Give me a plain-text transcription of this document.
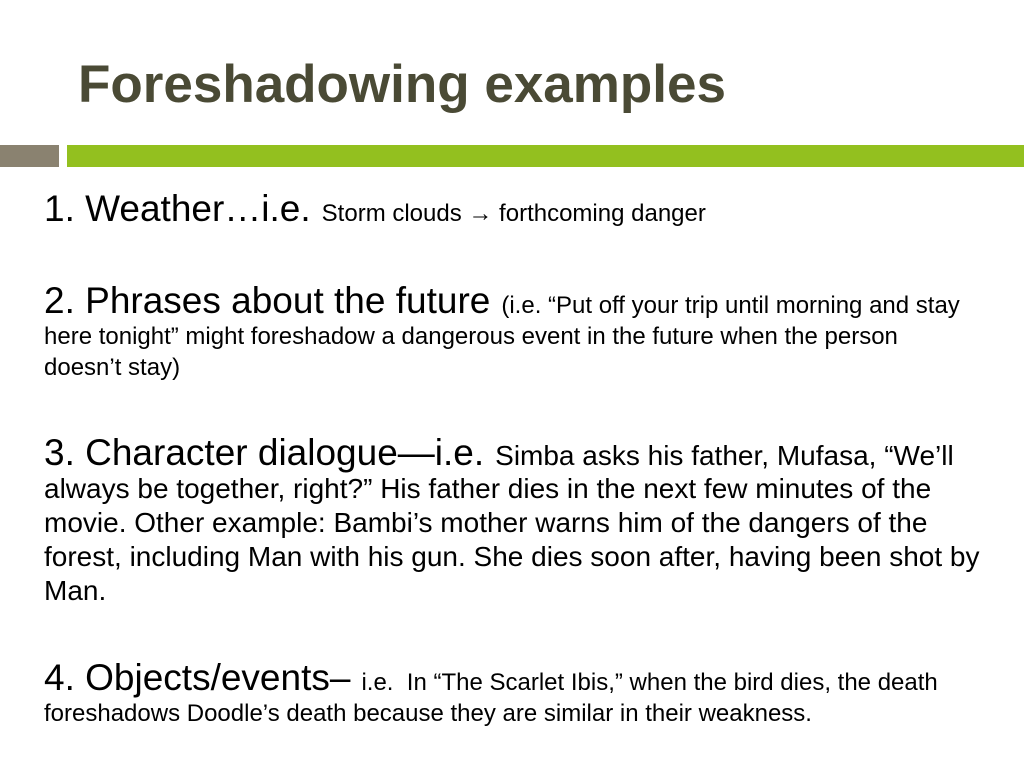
Foreshadowing examples
1. Weather…i.e. Storm clouds → forthcoming danger
2. Phrases about the future (i.e. “Put off your trip until morning and stay
here tonight” might foreshadow a dangerous event in the future when the person
doesn’t stay)
3. Character dialogue—i.e. Simba asks his father, Mufasa, “We’ll
always be together, right?” His father dies in the next few minutes of the
movie. Other example: Bambi’s mother warns him of the dangers of the
forest, including Man with his gun. She dies soon after, having been shot by
Man.
4. Objects/events– i.e.  In “The Scarlet Ibis,” when the bird dies, the death
foreshadows Doodle’s death because they are similar in their weakness.
